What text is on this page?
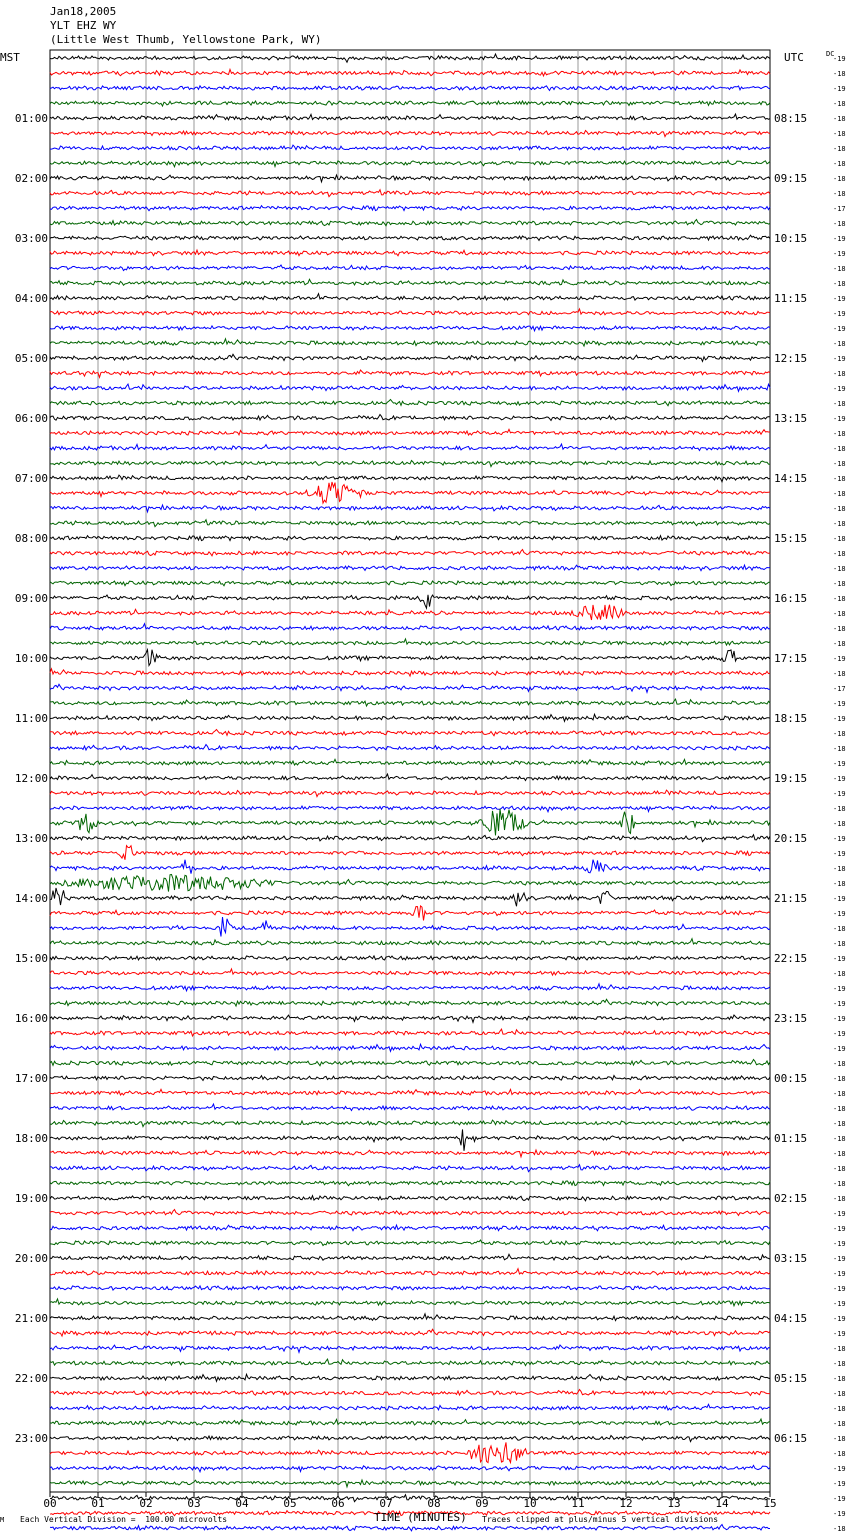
Jan18,2005
YLT EHZ WY
(Little West Thumb, Yellowstone Park, WY)
MST	UTC	DC
00	01	02	03	04	05	06	07	08	09	10	11	12	13	14	15
-19
-18
-19
-18
-18
01:00	08:15
-18
-18
-18
-18
02:00	09:15
-18
-17
-18
-19
03:00	10:15
-19
-18
-18
-19
04:00	11:15
-19
-19
-18
-19
05:00	12:15
-18
-19
-18
-19
06:00	13:15
-18
-18
-18
-18
07:00	14:15
-18
-18
-18
-18
08:00	15:15
-18
-18
-18
-18
09:00	16:15
-18
-18
-18
-19
10:00	17:15
-18
-17
-19
-19
11:00	18:15
-18
-18
-19
-19
12:00	19:15
-19
-18
-18
-19
13:00	20:15
-19
-18
-18
-19
14:00	21:15
-19
-18
-18
-19
15:00	22:15
-18
-19
-19
-19
16:00	23:15
-19
-19
-18
-18
17:00	00:15
-18
-18
-18
-18
18:00	01:15
-18
-18
-18
-18
19:00	02:15
-19
-19
-19
-19
20:00	03:15
-19
-19
-19
-19
21:00	04:15
-19
-18
-18
-18
22:00	05:15
-18
-18
-18
-18
23:00	06:15
-18
-19
-19
-19
-19
-18
M Each Vertical Division =  100.00 microvolts	TIME (MINUTES) Traces clipped at plus/minus 5 vertical divisions
